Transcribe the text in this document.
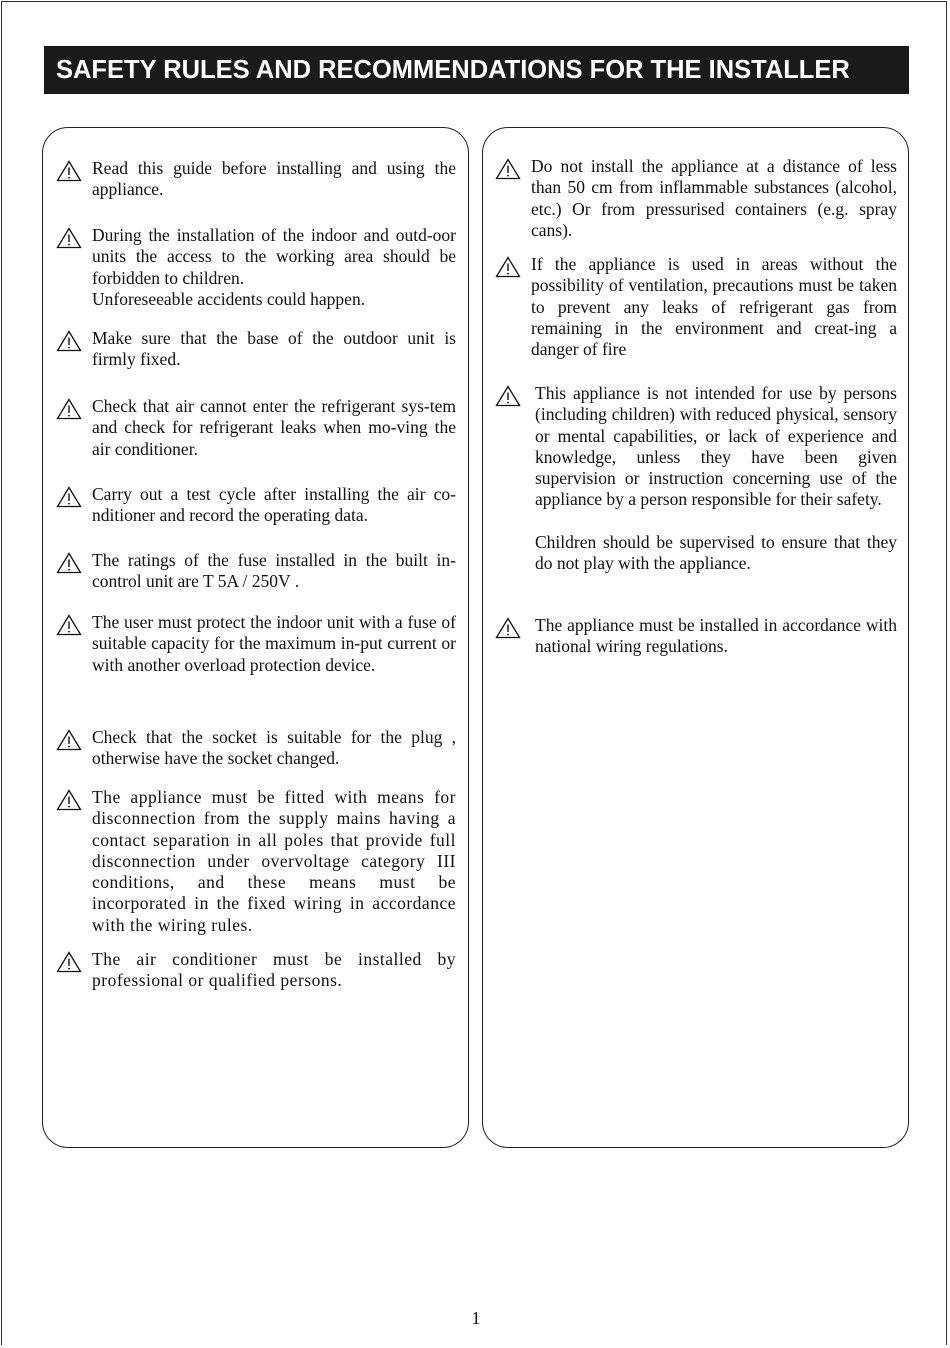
SAFETY RULES AND RECOMMENDATIONS FOR THE INSTALLER
Read this guide before installing and using the appliance.
During the installation of the indoor and outd-oor units the access to the working area should be forbidden to children.
Unforeseeable accidents could happen.
Make sure that the base of the outdoor unit is firmly fixed.
Check that air cannot enter the refrigerant sys-tem and check for refrigerant leaks when mo-ving the air conditioner.
Carry out a test cycle after installing the air co-nditioner and record the operating data.
The ratings of the fuse installed in the built in-control unit are T 5A / 250V .
The user must protect the indoor unit with a fuse of suitable capacity for the maximum in-put current or with another overload protection device.
Check that the socket is suitable for the plug , otherwise have the socket changed.
The appliance must be fitted with means for disconnection from the supply mains having a contact separation in all poles that provide full disconnection under overvoltage category III conditions, and these means must be incorporated in the fixed wiring in accordance with the wiring rules.
The air conditioner must be installed by professional or qualified persons.
Do not install the appliance at a distance of less than 50 cm from inflammable substances (alcohol, etc.) Or from pressurised containers (e.g. spray cans).
If the appliance is used in areas without the possibility of ventilation, precautions must be taken to prevent any leaks of refrigerant gas from remaining in the environment and creat-ing a danger of fire
This appliance is not intended for use by persons (including children) with reduced physical, sensory or mental capabilities, or lack of experience and knowledge, unless they have been given supervision or instruction concerning use of the appliance by a person responsible for their safety.

Children should be supervised to ensure that they do not play with the appliance.
The appliance must be installed in accordance with national wiring regulations.
1
